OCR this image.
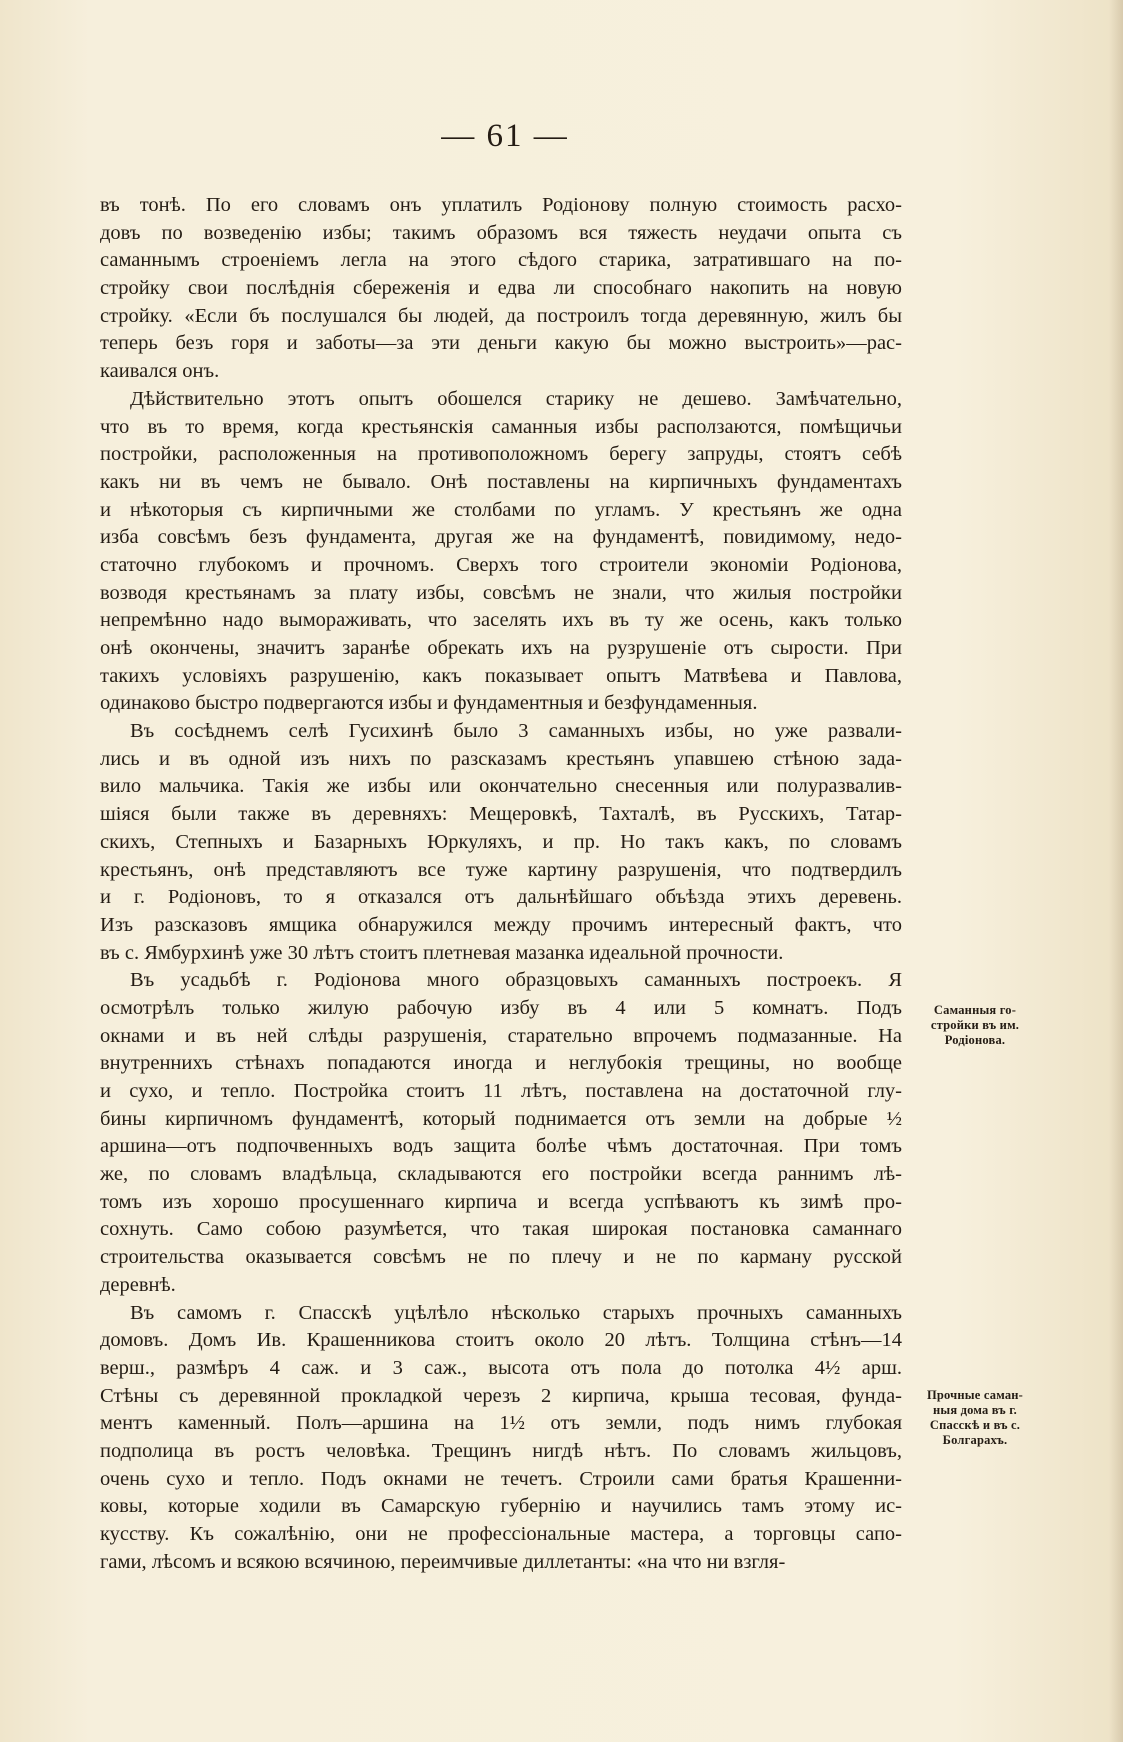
— 61 —
въ тонѣ. По его словамъ онъ уплатилъ Родіонову полную стоимость расхо-
довъ по возведенію избы; такимъ образомъ вся тяжесть неудачи опыта съ
саманнымъ строеніемъ легла на этого сѣдого старика, затратившаго на по-
стройку свои послѣднія сбереженія и едва ли способнаго накопить на новую
стройку. «Если бъ послушался бы людей, да построилъ тогда деревянную, жилъ бы
теперь безъ горя и заботы—за эти деньги какую бы можно выстроить»—рас-
каивался онъ.
Дѣйствительно этотъ опытъ обошелся старику не дешево. Замѣчательно,
что въ то время, когда крестьянскія саманныя избы расползаются, помѣщичьи
постройки, расположенныя на противоположномъ берегу запруды, стоятъ себѣ
какъ ни въ чемъ не бывало. Онѣ поставлены на кирпичныхъ фундаментахъ
и нѣкоторыя съ кирпичными же столбами по угламъ. У крестьянъ же одна
изба совсѣмъ безъ фундамента, другая же на фундаментѣ, повидимому, недо-
статочно глубокомъ и прочномъ. Сверхъ того строители экономіи Родіонова,
возводя крестьянамъ за плату избы, совсѣмъ не знали, что жилыя постройки
непремѣнно надо вымораживать, что заселять ихъ въ ту же осень, какъ только
онѣ окончены, значитъ заранѣе обрекать ихъ на рузрушеніе отъ сырости. При
такихъ условіяхъ разрушенію, какъ показывает опытъ Матвѣева и Павлова,
одинаково быстро подвергаются избы и фундаментныя и безфундаменныя.
Въ сосѣднемъ селѣ Гусихинѣ было 3 саманныхъ избы, но уже развали-
лись и въ одной изъ нихъ по разсказамъ крестьянъ упавшею стѣною зада-
вило мальчика. Такія же избы или окончательно снесенныя или полуразвалив-
шіяся были также въ деревняхъ: Мещеровкѣ, Тахталѣ, въ Русскихъ, Татар-
скихъ, Степныхъ и Базарныхъ Юркуляхъ, и пр. Но такъ какъ, по словамъ
крестьянъ, онѣ представляютъ все туже картину разрушенія, что подтвердилъ
и г. Родіоновъ, то я отказался отъ дальнѣйшаго объѣзда этихъ деревень.
Изъ разсказовъ ямщика обнаружился между прочимъ интересный фактъ, что
въ с. Ямбурхинѣ уже 30 лѣтъ стоитъ плетневая мазанка идеальной прочности.
Въ усадьбѣ г. Родіонова много образцовыхъ саманныхъ построекъ. Я
осмотрѣлъ только жилую рабочую избу въ 4 или 5 комнатъ. Подъ
окнами и въ ней слѣды разрушенія, старательно впрочемъ подмазанные. На
внутреннихъ стѣнахъ попадаются иногда и неглубокія трещины, но вообще
и сухо, и тепло. Постройка стоитъ 11 лѣтъ, поставлена на достаточной глу-
бины кирпичномъ фундаментѣ, который поднимается отъ земли на добрые ½
аршина—отъ подпочвенныхъ водъ защита болѣе чѣмъ достаточная. При томъ
же, по словамъ владѣльца, складываются его постройки всегда раннимъ лѣ-
томъ изъ хорошо просушеннаго кирпича и всегда успѣваютъ къ зимѣ про-
сохнуть. Само собою разумѣется, что такая широкая постановка саманнаго
строительства оказывается совсѣмъ не по плечу и не по карману русской
деревнѣ.
Въ самомъ г. Спасскѣ уцѣлѣло нѣсколько старыхъ прочныхъ саманныхъ
домовъ. Домъ Ив. Крашенникова стоитъ около 20 лѣтъ. Толщина стѣнъ—14
верш., размѣръ 4 саж. и 3 саж., высота отъ пола до потолка 4½ арш.
Стѣны съ деревянной прокладкой черезъ 2 кирпича, крыша тесовая, фунда-
ментъ каменный. Полъ—аршина на 1½ отъ земли, подъ нимъ глубокая
подполица въ ростъ человѣка. Трещинъ нигдѣ нѣтъ. По словамъ жильцовъ,
очень сухо и тепло. Подъ окнами не течетъ. Строили сами братья Крашенни-
ковы, которые ходили въ Самарскую губернію и научились тамъ этому ис-
кусству. Къ сожалѣнію, они не профессіональные мастера, а торговцы сапо-
гами, лѣсомъ и всякою всячиною, переимчивые диллетанты: «на что ни взгля-
Саманныя го-
стройки въ им.
Родіонова.
Прочные саман-
ныя дома въ г.
Спасскѣ и въ с.
Болгарахъ.
